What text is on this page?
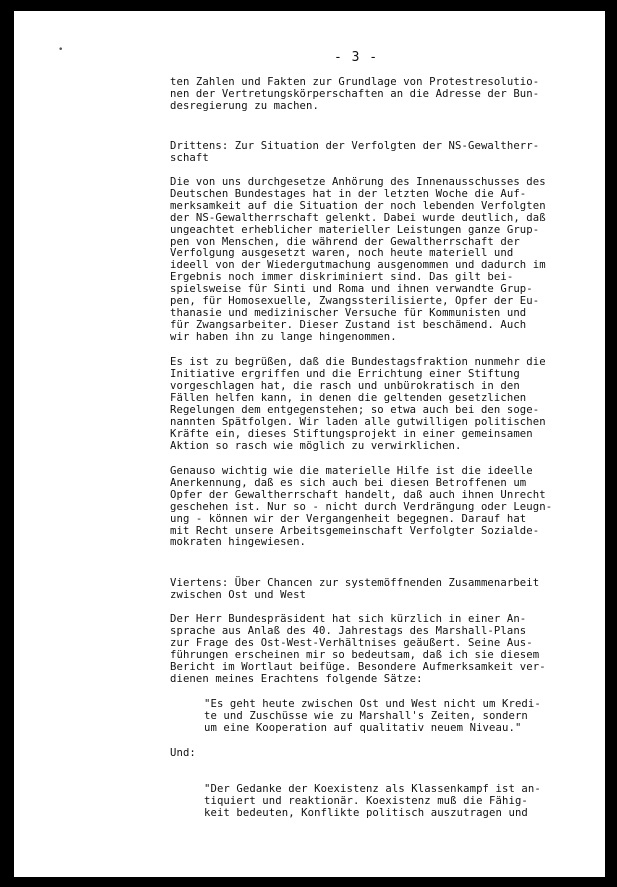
•	- 3 -

ten Zahlen und Fakten zur Grundlage von Protestresolutio-
nen der Vertretungskörperschaften an die Adresse der Bun-
desregierung zu machen.

Drittens: Zur Situation der Verfolgten der NS-Gewaltherr-
schaft

Die von uns durchgesetze Anhörung des Innenausschusses des
Deutschen Bundestages hat in der letzten Woche die Auf-
merksamkeit auf die Situation der noch lebenden Verfolgten
der NS-Gewaltherrschaft gelenkt. Dabei wurde deutlich, daß
ungeachtet erheblicher materieller Leistungen ganze Grup-
pen von Menschen, die während der Gewaltherrschaft der
Verfolgung ausgesetzt waren, noch heute materiell und
ideell von der Wiedergutmachung ausgenommen und dadurch im
Ergebnis noch immer diskriminiert sind. Das gilt bei-
spielsweise für Sinti und Roma und ihnen verwandte Grup-
pen, für Homosexuelle, Zwangssterilisierte, Opfer der Eu-
thanasie und medizinischer Versuche für Kommunisten und
für Zwangsarbeiter. Dieser Zustand ist beschämend. Auch
wir haben ihn zu lange hingenommen.

Es ist zu begrüßen, daß die Bundestagsfraktion nunmehr die
Initiative ergriffen und die Errichtung einer Stiftung
vorgeschlagen hat, die rasch und unbürokratisch in den
Fällen helfen kann, in denen die geltenden gesetzlichen
Regelungen dem entgegenstehen; so etwa auch bei den soge-
nannten Spätfolgen. Wir laden alle gutwilligen politischen
Kräfte ein, dieses Stiftungsprojekt in einer gemeinsamen
Aktion so rasch wie möglich zu verwirklichen.

Genauso wichtig wie die materielle Hilfe ist die ideelle
Anerkennung, daß es sich auch bei diesen Betroffenen um
Opfer der Gewaltherrschaft handelt, daß auch ihnen Unrecht
geschehen ist. Nur so - nicht durch Verdrängung oder Leugn-
ung - können wir der Vergangenheit begegnen. Darauf hat
mit Recht unsere Arbeitsgemeinschaft Verfolgter Sozialde-
mokraten hingewiesen.

Viertens: Über Chancen zur systemöffnenden Zusammenarbeit
zwischen Ost und West

Der Herr Bundespräsident hat sich kürzlich in einer An-
sprache aus Anlaß des 40. Jahrestags des Marshall-Plans
zur Frage des Ost-West-Verhältnises geäußert. Seine Aus-
führungen erscheinen mir so bedeutsam, daß ich sie diesem
Bericht im Wortlaut beifüge. Besondere Aufmerksamkeit ver-
dienen meines Erachtens folgende Sätze:

"Es geht heute zwischen Ost und West nicht um Kredi-
te und Zuschüsse wie zu Marshall's Zeiten, sondern
um eine Kooperation auf qualitativ neuem Niveau."

Und:

"Der Gedanke der Koexistenz als Klassenkampf ist an-
tiquiert und reaktionär. Koexistenz muß die Fähig-
keit bedeuten, Konflikte politisch auszutragen und
